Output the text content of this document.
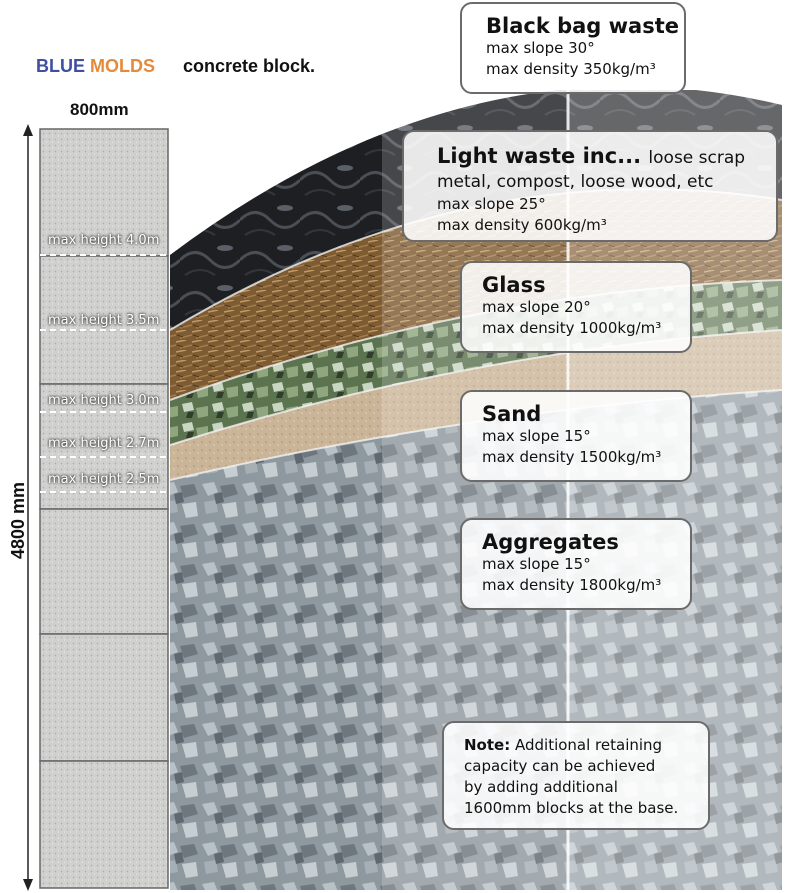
BLUE MOLDS concrete block.
800mm
4800 mm
max height 4.0m
max height 3.5m
max height 3.0m
max height 2.7m
max height 2.5m
Black bag waste
max slope 30°
max density 350kg/m³
Light waste inc... loose scrap
metal, compost, loose wood, etc
max slope 25°
max density 600kg/m³
Glass
max slope 20°
max density 1000kg/m³
Sand
max slope 15°
max density 1500kg/m³
Aggregates
max slope 15°
max density 1800kg/m³
Note: Additional retaining
capacity can be achieved
by adding additional
1600mm blocks at the base.
